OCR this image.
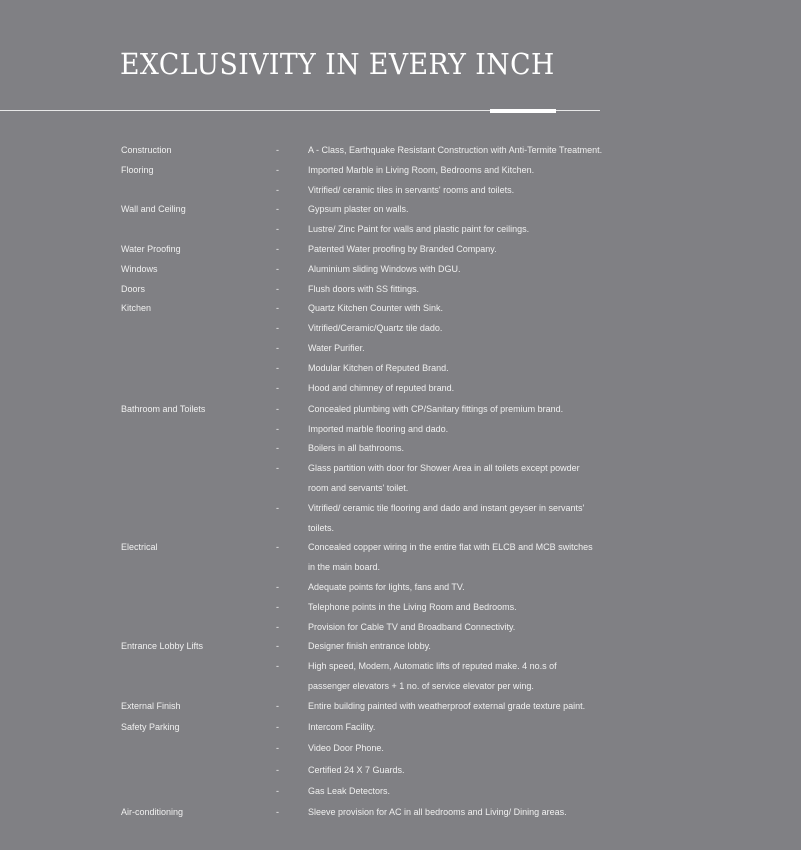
EXCLUSIVITY IN EVERY INCH
Construction	-	A - Class, Earthquake Resistant Construction with Anti-Termite Treatment.
Flooring	-	Imported Marble in Living Room, Bedrooms and Kitchen.
-	Vitrified/ ceramic tiles in servants' rooms and toilets.
Wall and Ceiling	-	Gypsum plaster on walls.
-	Lustre/ Zinc Paint for walls and plastic paint for ceilings.
Water Proofing	-	Patented Water proofing by Branded Company.
Windows	-	Aluminium sliding Windows with DGU.
Doors	-	Flush doors with SS fittings.
Kitchen	-	Quartz Kitchen Counter with Sink.
-	Vitrified/Ceramic/Quartz tile dado.
-	Water Purifier.
-	Modular Kitchen of Reputed Brand.
-	Hood and chimney of reputed brand.
Bathroom and Toilets	-	Concealed plumbing with CP/Sanitary fittings of premium brand.
-	Imported marble flooring and dado.
-	Boilers in all bathrooms.
-	Glass partition with door for Shower Area in all toilets except powder
room and servants' toilet.
-	Vitrified/ ceramic tile flooring and dado and instant geyser in servants'
toilets.
Electrical	-	Concealed copper wiring in the entire flat with ELCB and MCB switches
in the main board.
-	Adequate points for lights, fans and TV.
-	Telephone points in the Living Room and Bedrooms.
-	Provision for Cable TV and Broadband Connectivity.
Entrance Lobby Lifts	-	Designer finish entrance lobby.
-	High speed, Modern, Automatic lifts of reputed make. 4 no.s of
passenger elevators + 1 no. of service elevator per wing.
External Finish	-	Entire building painted with weatherproof external grade texture paint.
Safety Parking	-	Intercom Facility.
-	Video Door Phone.
-	Certified 24 X 7 Guards.
-	Gas Leak Detectors.
Air-conditioning	-	Sleeve provision for AC in all bedrooms and Living/ Dining areas.
